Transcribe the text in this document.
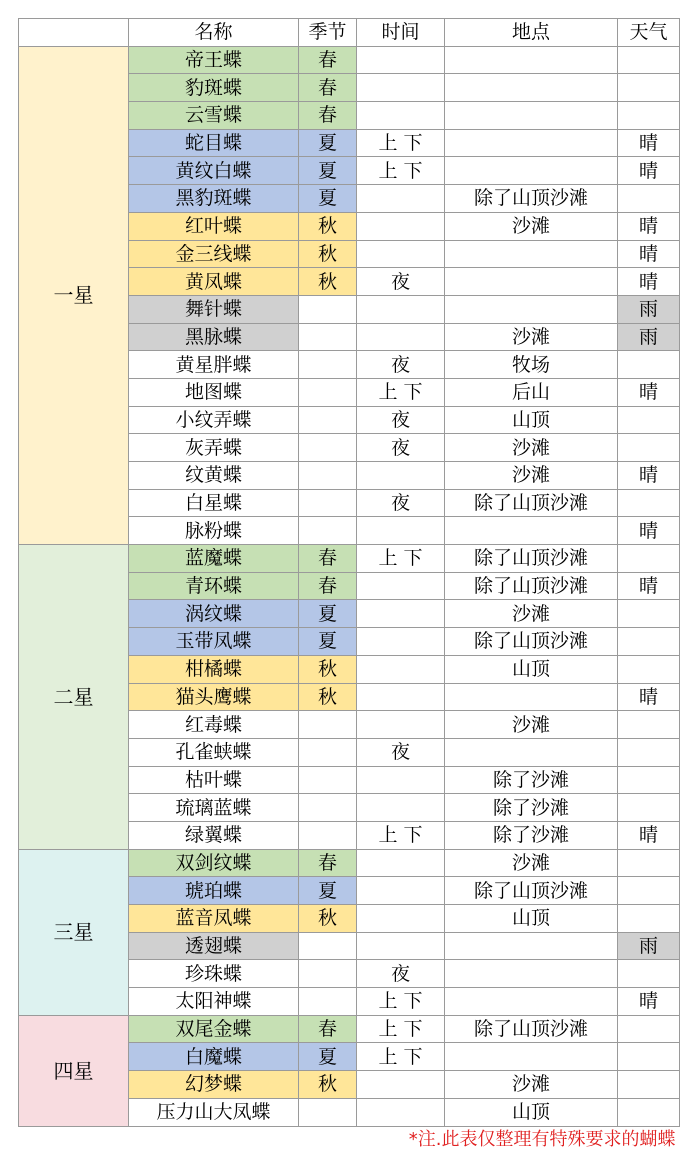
	名称	季节	时间	地点	天气
一星	帝王蝶	春			
	豹斑蝶	春			
	云雪蝶	春			
	蛇目蝶	夏	上 下		晴
	黄纹白蝶	夏	上 下		晴
	黑豹斑蝶	夏		除了山顶沙滩	
	红叶蝶	秋		沙滩	晴
	金三线蝶	秋			晴
	黄凤蝶	秋	夜		晴
	舞针蝶				雨
	黑脉蝶			沙滩	雨
	黄星胖蝶		夜	牧场	
	地图蝶		上 下	后山	晴
	小纹弄蝶		夜	山顶	
	灰弄蝶		夜	沙滩	
	纹黄蝶			沙滩	晴
	白星蝶		夜	除了山顶沙滩	
	脉粉蝶				晴
二星	蓝魔蝶	春	上 下	除了山顶沙滩	
	青环蝶	春		除了山顶沙滩	晴
	涡纹蝶	夏		沙滩	
	玉带凤蝶	夏		除了山顶沙滩	
	柑橘蝶	秋		山顶	
	猫头鹰蝶	秋			晴
	红毒蝶			沙滩	
	孔雀蛱蝶		夜		
	枯叶蝶			除了沙滩	
	琉璃蓝蝶			除了沙滩	
	绿翼蝶		上 下	除了沙滩	晴
三星	双剑纹蝶	春		沙滩	
	琥珀蝶	夏		除了山顶沙滩	
	蓝音凤蝶	秋		山顶	
	透翅蝶				雨
	珍珠蝶		夜		
	太阳神蝶		上 下		晴
四星	双尾金蝶	春	上 下	除了山顶沙滩	
	白魔蝶	夏	上 下		
	幻梦蝶	秋		沙滩	
	压力山大凤蝶			山顶	
	*注.此表仅整理有特殊要求的蝴蝶				
